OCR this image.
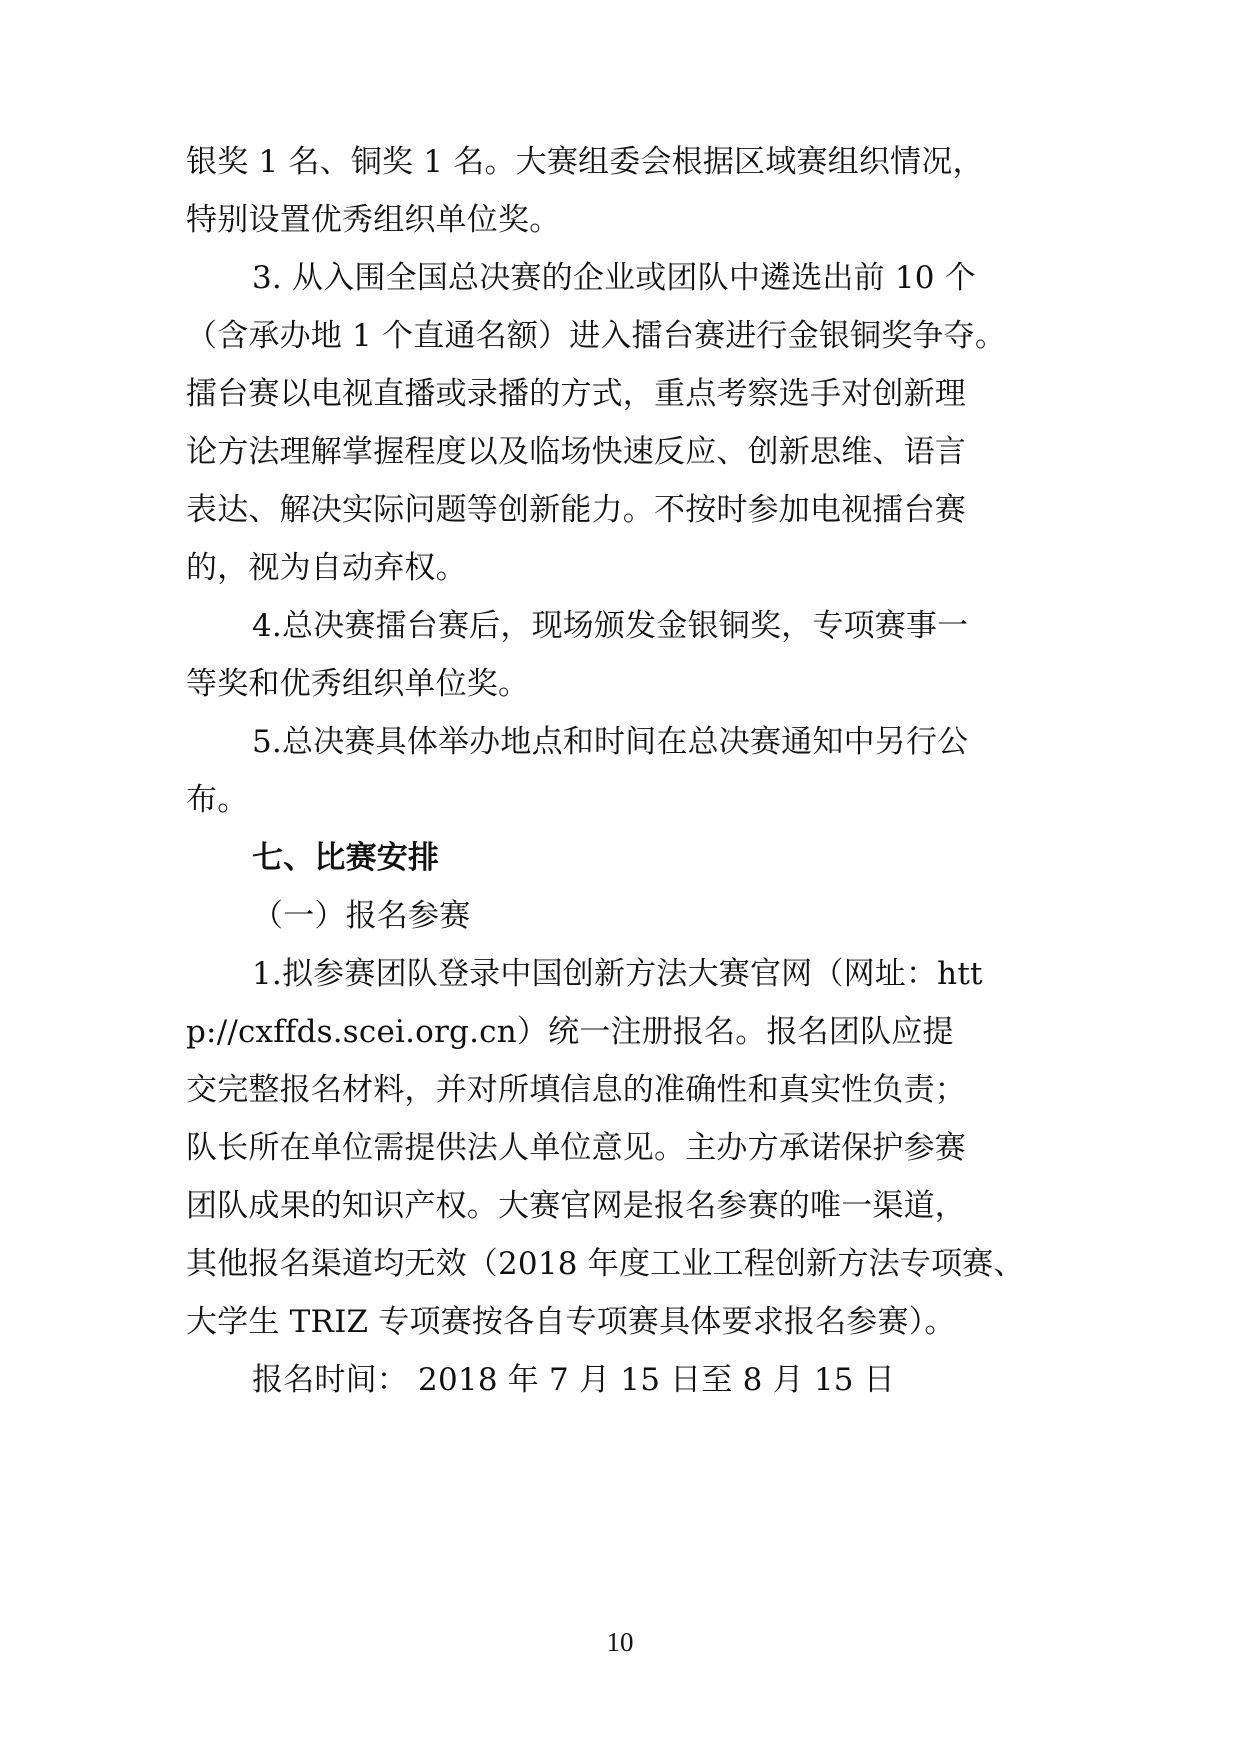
银奖 1 名、铜奖 1 名。大赛组委会根据区域赛组织情况，
特别设置优秀组织单位奖。
3. 从入围全国总决赛的企业或团队中遴选出前 10 个
（含承办地 1 个直通名额）进入擂台赛进行金银铜奖争夺。
擂台赛以电视直播或录播的方式，重点考察选手对创新理
论方法理解掌握程度以及临场快速反应、创新思维、语言
表达、解决实际问题等创新能力。不按时参加电视擂台赛
的，视为自动弃权。
4.总决赛擂台赛后，现场颁发金银铜奖，专项赛事一
等奖和优秀组织单位奖。
5.总决赛具体举办地点和时间在总决赛通知中另行公
布。
七、比赛安排
（一）报名参赛
1.拟参赛团队登录中国创新方法大赛官网（网址：htt
p://cxffds.scei.org.cn）统一注册报名。报名团队应提
交完整报名材料，并对所填信息的准确性和真实性负责；
队长所在单位需提供法人单位意见。主办方承诺保护参赛
团队成果的知识产权。大赛官网是报名参赛的唯一渠道，
其他报名渠道均无效（2018 年度工业工程创新方法专项赛、
大学生 TRIZ 专项赛按各自专项赛具体要求报名参赛）。
报名时间： 2018 年 7 月 15 日至 8 月 15 日
10
